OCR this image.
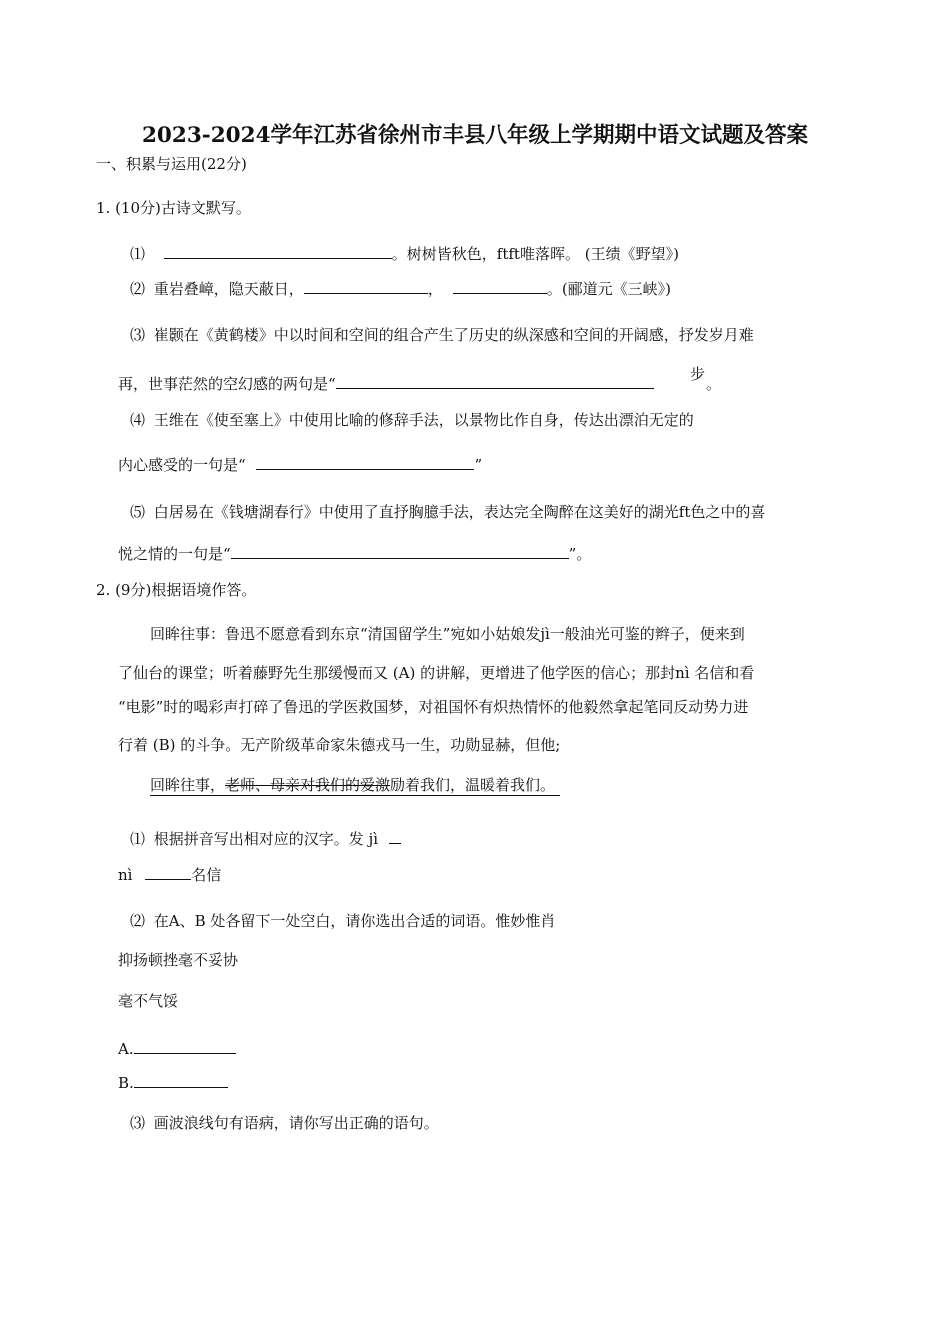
2023-2024学年江苏省徐州市丰县八年级上学期期中语文试题及答案
一、积累与运用(22分)
1. (10分)古诗文默写。
⑴	。树树皆秋色，ftft唯落晖。 (王绩《野望》)
⑵ 重岩叠嶂，隐天蔽日，	，	。(郦道元《三峡》)
⑶ 崔颢在《黄鹤楼》中以时间和空间的组合产生了历史的纵深感和空间的开阔感，抒发岁月难
再，世事茫然的空幻感的两句是“
步
。
⑷ 王维在《使至塞上》中使用比喻的修辞手法，以景物比作自身，传达出漂泊无定的
内心感受的一句是“	”
⑸ 白居易在《钱塘湖春行》中使用了直抒胸臆手法，表达完全陶醉在这美好的湖光ft色之中的喜
悦之情的一句是“	”。
2. (9分)根据语境作答。
回眸往事：鲁迅不愿意看到东京“清国留学生”宛如小姑娘发jì一般油光可鉴的辫子，便来到
了仙台的课堂；听着藤野先生那缓慢而又 (A) 的讲解，更增进了他学医的信心；那封nì 名信和看
“电影”时的喝彩声打碎了鲁迅的学医救国梦，对祖国怀有炽热情怀的他毅然拿起笔同反动势力进
行着 (B) 的斗争。无产阶级革命家朱德戎马一生，功勋显赫，但他;
回眸往事，老师、母亲对我们的爱激励着我们，温暖着我们。
⑴ 根据拼音写出相对应的汉字。发 jì
nì	名信
⑵ 在A、B 处各留下一处空白，请你选出合适的词语。惟妙惟肖
抑扬顿挫毫不妥协
毫不气馁
A.
B.
⑶ 画波浪线句有语病，请你写出正确的语句。
